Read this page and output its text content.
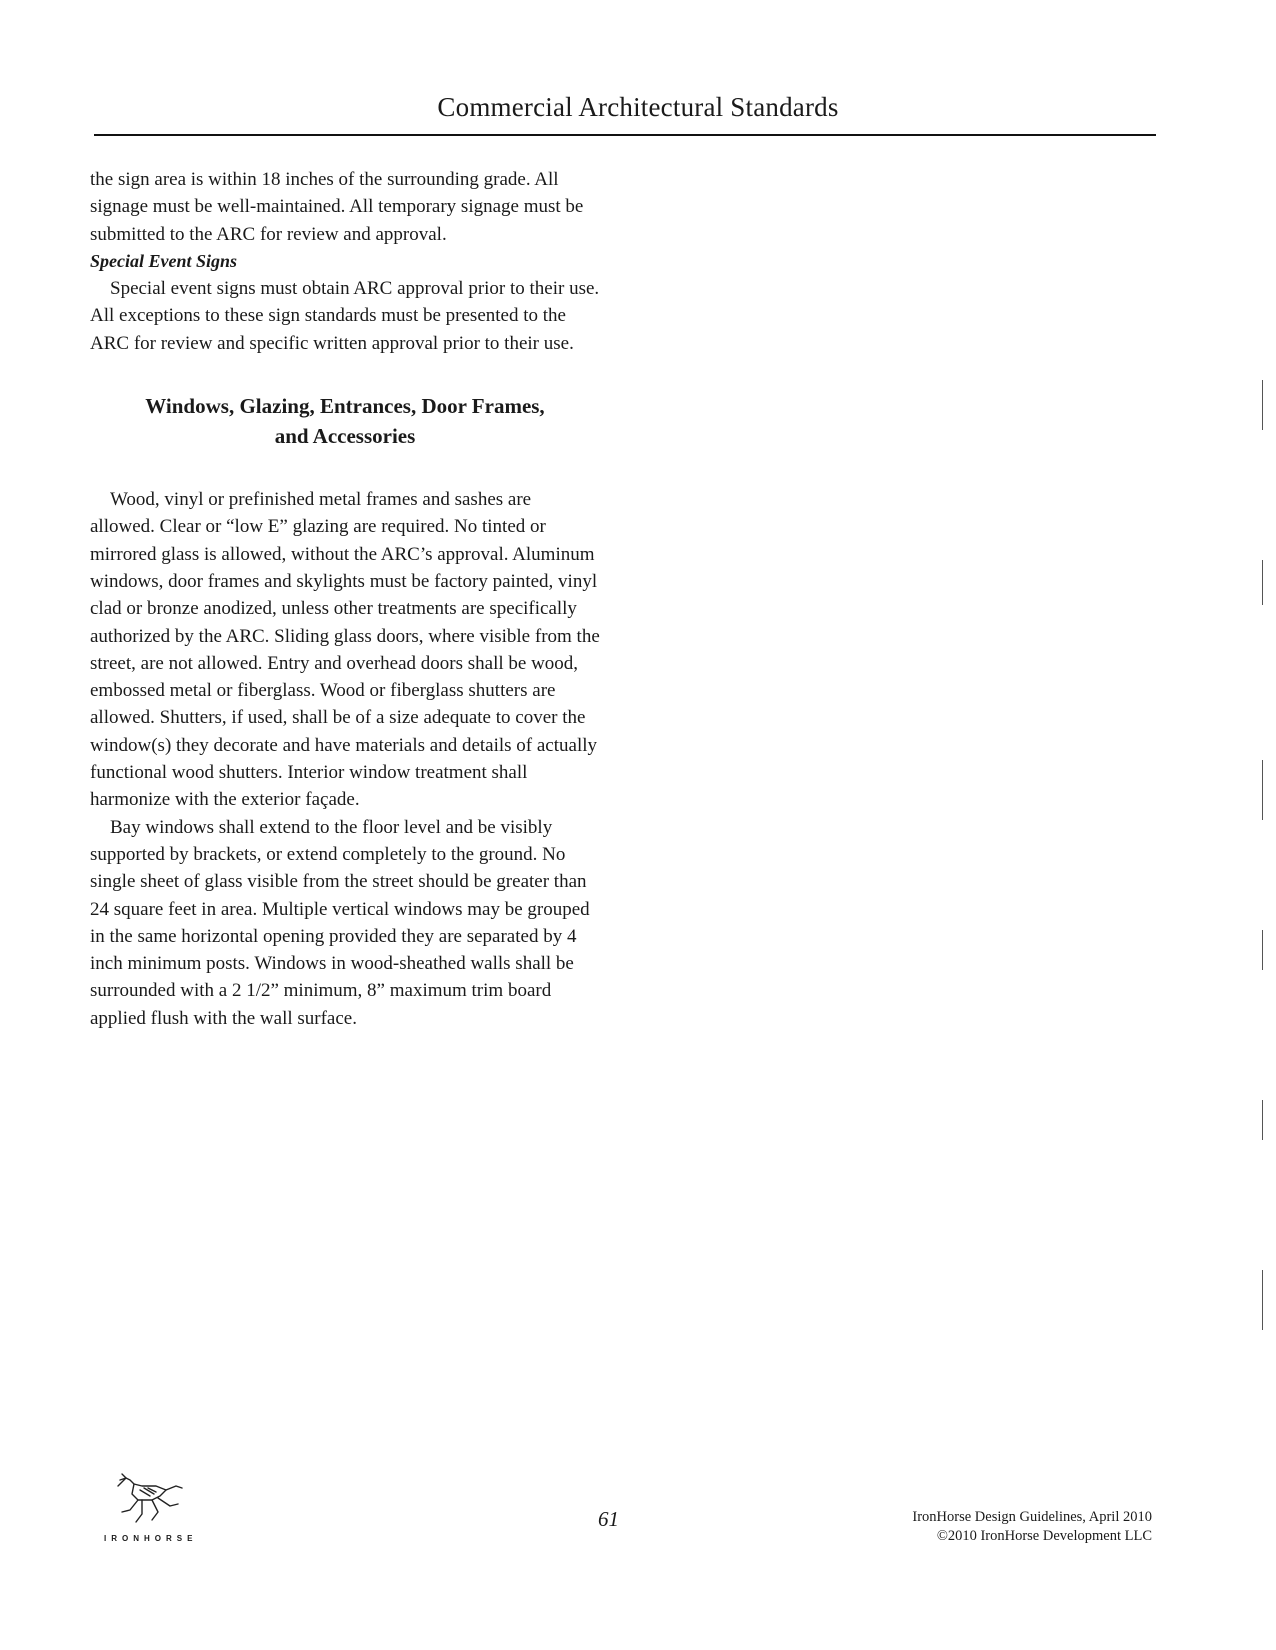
Commercial Architectural Standards

the sign area is within 18 inches of the surrounding grade. All signage must be well-maintained. All temporary signage must be submitted to the ARC for review and approval.

Special Event Signs

Special event signs must obtain ARC approval prior to their use. All exceptions to these sign standards must be presented to the ARC for review and specific written approval prior to their use.

Windows, Glazing, Entrances, Door Frames,
and Accessories

Wood, vinyl or prefinished metal frames and sashes are allowed. Clear or “low E” glazing are required. No tinted or mirrored glass is allowed, without the ARC’s approval. Aluminum windows, door frames and skylights must be factory painted, vinyl clad or bronze anodized, unless other treatments are specifically authorized by the ARC. Sliding glass doors, where visible from the street, are not allowed. Entry and overhead doors shall be wood, embossed metal or fiberglass. Wood or fiberglass shutters are allowed. Shutters, if used, shall be of a size adequate to cover the window(s) they decorate and have materials and details of actually functional wood shutters. Interior window treatment shall harmonize with the exterior façade.

Bay windows shall extend to the floor level and be visibly supported by brackets, or extend completely to the ground. No single sheet of glass visible from the street should be greater than 24 square feet in area. Multiple vertical windows may be grouped in the same horizontal opening provided they are separated by 4 inch minimum posts. Windows in wood-sheathed walls shall be surrounded with a 2 1/2” minimum, 8” maximum trim board applied flush with the wall surface.

IRONHORSE
61	IronHorse Design Guidelines, April 2010
©2010 IronHorse Development LLC
